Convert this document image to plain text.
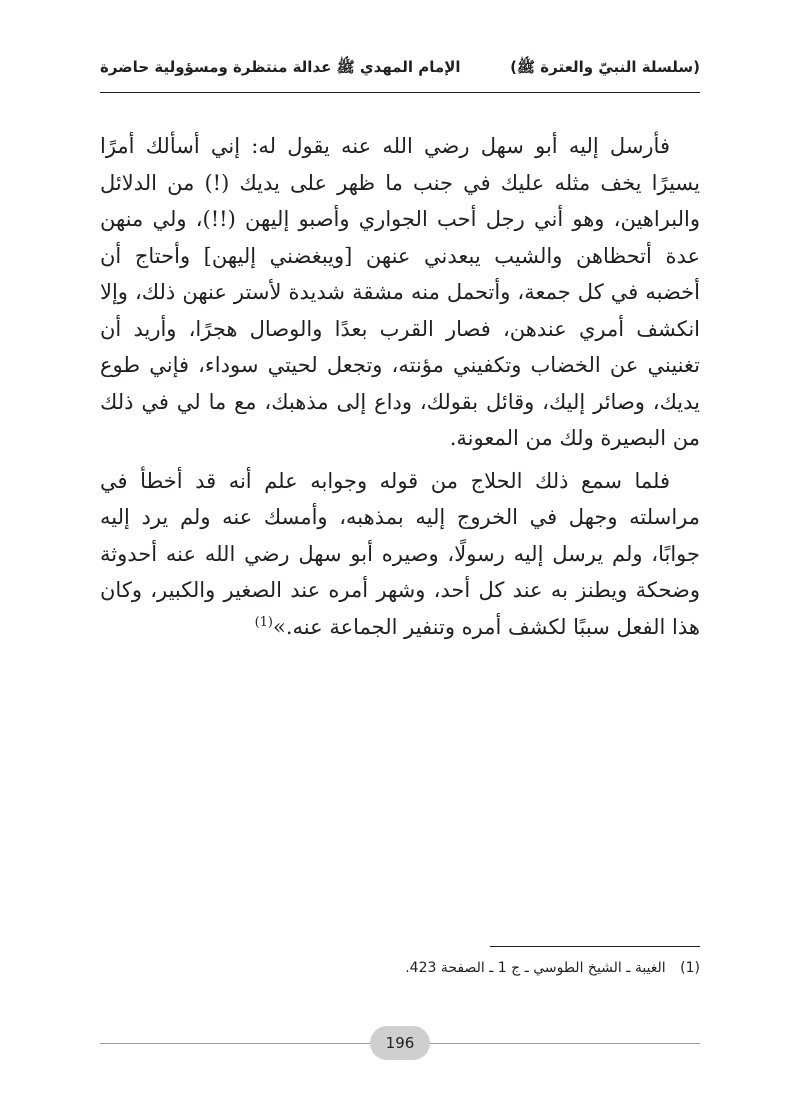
(سلسلة النبيّ والعترة ﷺ)
الإمام المهدي ﷺ عدالة منتظرة ومسؤولية حاضرة

فأرسل إليه أبو سهل رضي الله عنه يقول له: إني أسألك أمرًا يسيرًا يخف مثله عليك في جنب ما ظهر على يديك (!) من الدلائل والبراهين، وهو أني رجل أحب الجواري وأصبو إليهن (!!)، ولي منهن عدة أتحظاهن والشيب يبعدني عنهن [ويبغضني إليهن] وأحتاج أن أخضبه في كل جمعة، وأتحمل منه مشقة شديدة لأستر عنهن ذلك، وإلا انكشف أمري عندهن، فصار القرب بعدًا والوصال هجرًا، وأريد أن تغنيني عن الخضاب وتكفيني مؤنته، وتجعل لحيتي سوداء، فإني طوع يديك، وصائر إليك، وقائل بقولك، وداع إلى مذهبك، مع ما لي في ذلك من البصيرة ولك من المعونة.

فلما سمع ذلك الحلاج من قوله وجوابه علم أنه قد أخطأ في مراسلته وجهل في الخروج إليه بمذهبه، وأمسك عنه ولم يرد إليه جوابًا، ولم يرسل إليه رسولًا، وصيره أبو سهل رضي الله عنه أحدوثة وضحكة ويطنز به عند كل أحد، وشهر أمره عند الصغير والكبير، وكان هذا الفعل سببًا لكشف أمره وتنفير الجماعة عنه.»$^{(1)}$

(1) الغيبة ـ الشيخ الطوسي ـ ج 1 ـ الصفحة 423.
196
